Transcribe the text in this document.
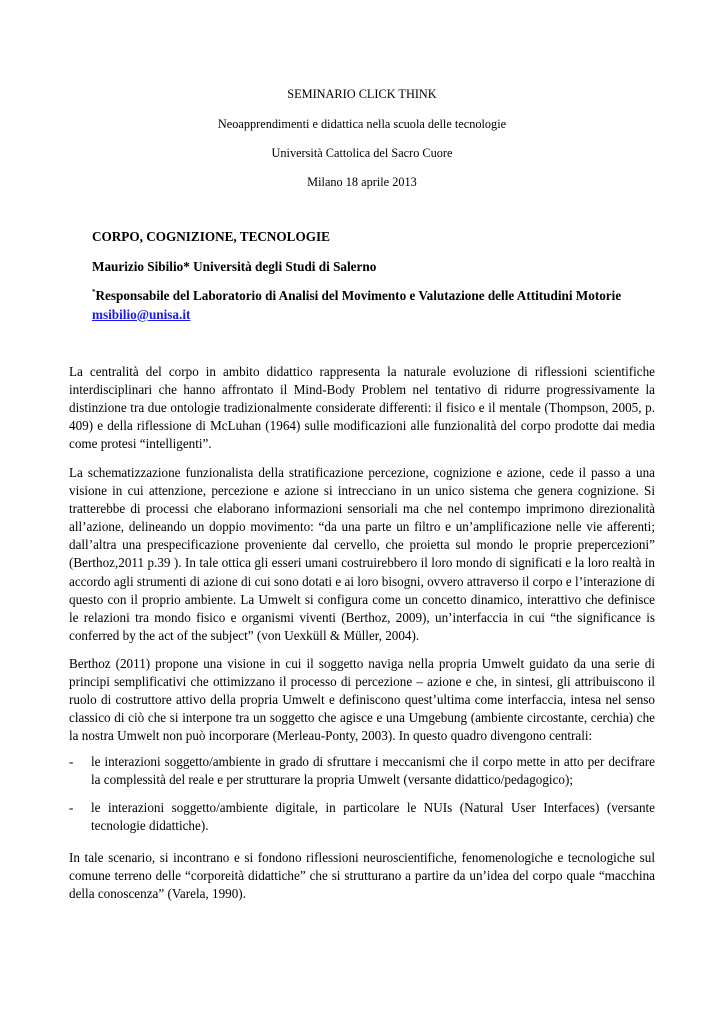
SEMINARIO CLICK THINK
Neoapprendimenti e didattica nella scuola delle tecnologie
Università Cattolica del Sacro Cuore
Milano 18 aprile 2013
CORPO, COGNIZIONE, TECNOLOGIE
Maurizio Sibilio* Università degli Studi di Salerno
*Responsabile del Laboratorio di Analisi del Movimento e Valutazione delle Attitudini Motorie
msibilio@unisa.it
La centralità del corpo in ambito didattico rappresenta la naturale evoluzione di riflessioni scientifiche interdisciplinari che hanno affrontato il Mind-Body Problem nel tentativo di ridurre progressivamente la distinzione tra due ontologie tradizionalmente considerate differenti: il fisico e il mentale (Thompson, 2005, p. 409) e della riflessione di McLuhan (1964) sulle modificazioni alle funzionalità del corpo prodotte dai media come protesi “intelligenti”.
La schematizzazione funzionalista della stratificazione percezione, cognizione e azione, cede il passo a una visione in cui attenzione, percezione e azione si intrecciano in un unico sistema che genera cognizione. Si tratterebbe di processi che elaborano informazioni sensoriali ma che nel contempo imprimono direzionalità all’azione, delineando un doppio movimento: “da una parte un filtro e un’amplificazione nelle vie afferenti; dall’altra una prespecificazione proveniente dal cervello, che proietta sul mondo le proprie prepercezioni” (Berthoz,2011 p.39 ). In tale ottica gli esseri umani costruirebbero il loro mondo di significati e la loro realtà in accordo agli strumenti di azione di cui sono dotati e ai loro bisogni, ovvero attraverso il corpo e l’interazione di questo con il proprio ambiente. La Umwelt si configura come un concetto dinamico, interattivo che definisce le relazioni tra mondo fisico e organismi viventi (Berthoz, 2009), un’interfaccia in cui “the significance is conferred by the act of the subject” (von Uexküll & Müller, 2004).
Berthoz (2011) propone una visione in cui il soggetto naviga nella propria Umwelt guidato da una serie di principi semplificativi che ottimizzano il processo di percezione – azione e che, in sintesi, gli attribuiscono il ruolo di costruttore attivo della propria Umwelt e definiscono quest’ultima come interfaccia, intesa nel senso classico di ciò che si interpone tra un soggetto che agisce e una Umgebung (ambiente circostante, cerchia) che la nostra Umwelt non può incorporare (Merleau-Ponty, 2003). In questo quadro divengono centrali:
- le interazioni soggetto/ambiente in grado di sfruttare i meccanismi che il corpo mette in atto per decifrare la complessità del reale e per strutturare la propria Umwelt (versante didattico/pedagogico);
- le interazioni soggetto/ambiente digitale, in particolare le NUIs (Natural User Interfaces) (versante tecnologie didattiche).
In tale scenario, si incontrano e si fondono riflessioni neuroscientifiche, fenomenologiche e tecnologiche sul comune terreno delle “corporeità didattiche” che si strutturano a partire da un’idea del corpo quale “macchina della conoscenza” (Varela, 1990).
